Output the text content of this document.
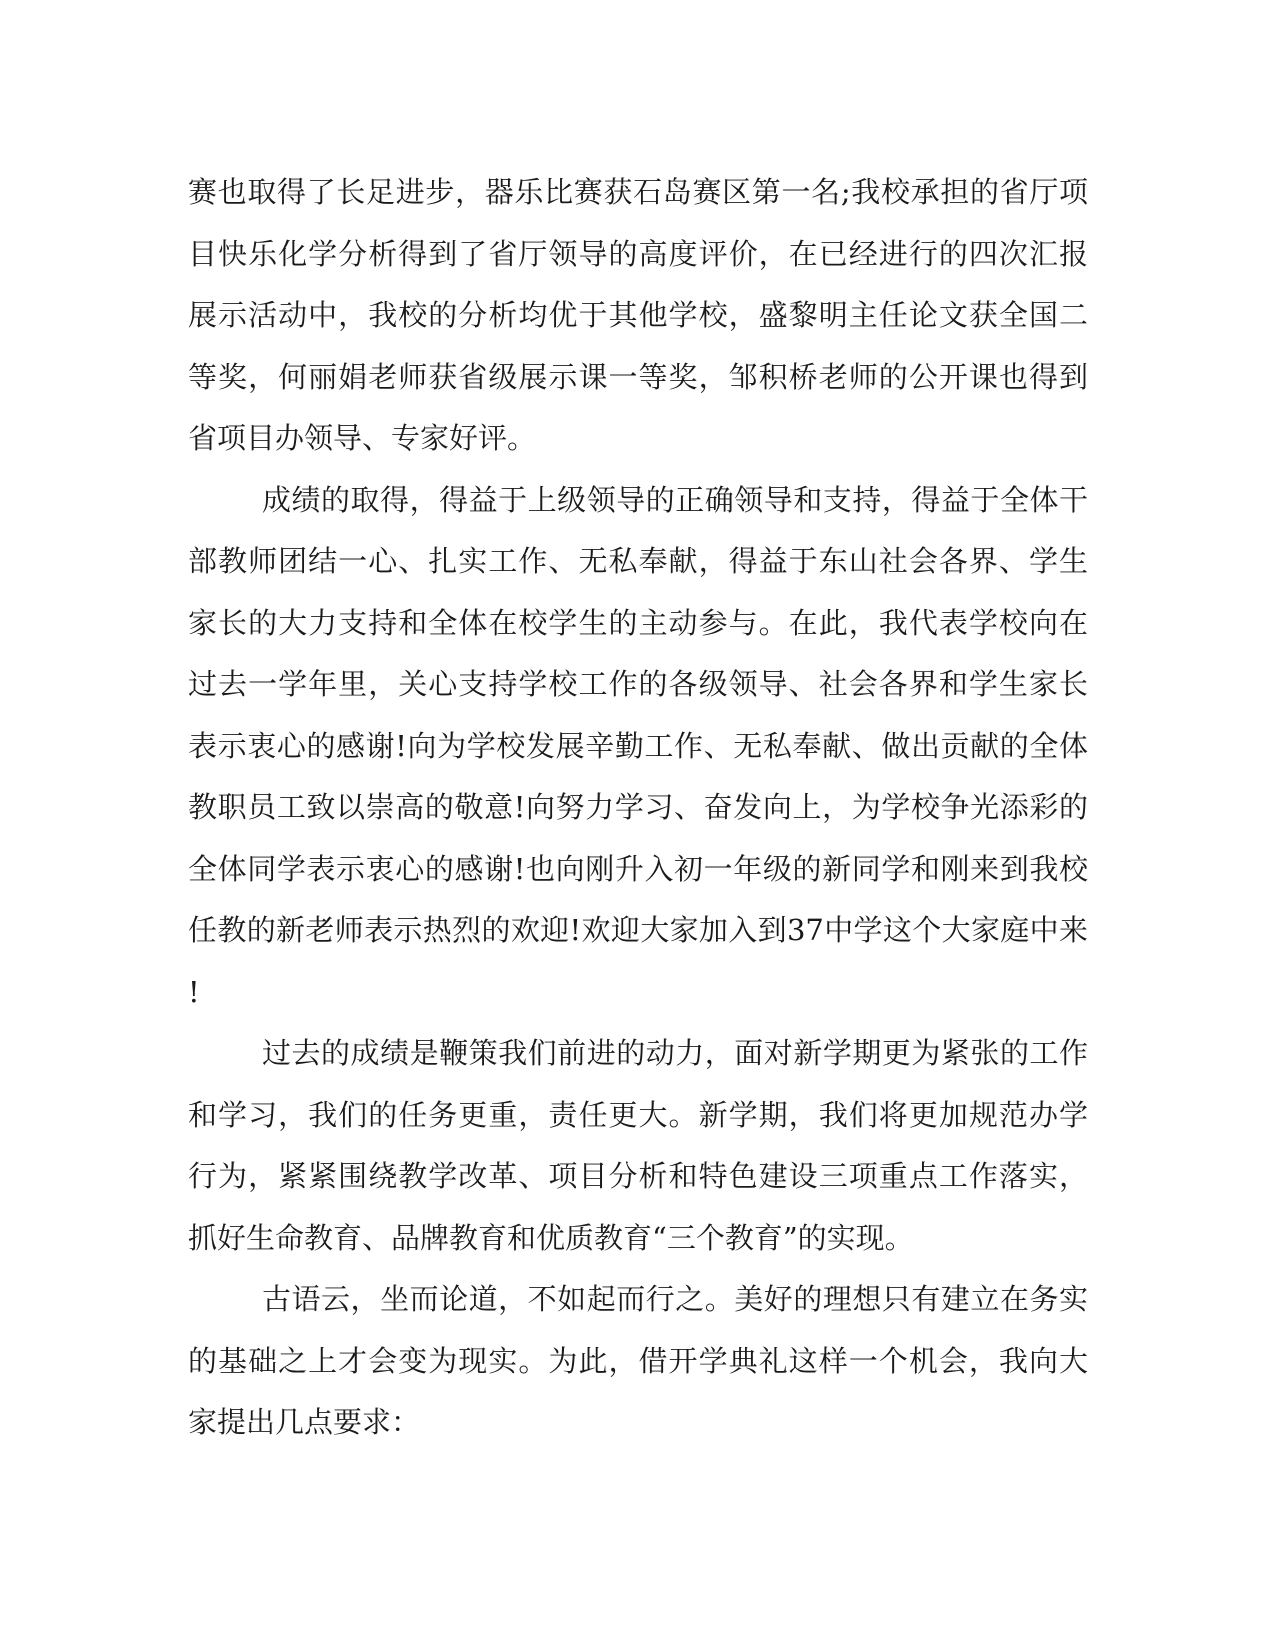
赛也取得了长足进步，器乐比赛获石岛赛区第一名;我校承担的省厅项
目快乐化学分析得到了省厅领导的高度评价，在已经进行的四次汇报
展示活动中，我校的分析均优于其他学校，盛黎明主任论文获全国二
等奖，何丽娟老师获省级展示课一等奖，邹积桥老师的公开课也得到
省项目办领导、专家好评。
成绩的取得，得益于上级领导的正确领导和支持，得益于全体干
部教师团结一心、扎实工作、无私奉献，得益于东山社会各界、学生
家长的大力支持和全体在校学生的主动参与。在此，我代表学校向在
过去一学年里，关心支持学校工作的各级领导、社会各界和学生家长
表示衷心的感谢!向为学校发展辛勤工作、无私奉献、做出贡献的全体
教职员工致以崇高的敬意!向努力学习、奋发向上，为学校争光添彩的
全体同学表示衷心的感谢!也向刚升入初一年级的新同学和刚来到我校
任教的新老师表示热烈的欢迎!欢迎大家加入到37中学这个大家庭中来
!
过去的成绩是鞭策我们前进的动力，面对新学期更为紧张的工作
和学习，我们的任务更重，责任更大。新学期，我们将更加规范办学
行为，紧紧围绕教学改革、项目分析和特色建设三项重点工作落实，
抓好生命教育、品牌教育和优质教育“三个教育”的实现。
古语云，坐而论道，不如起而行之。美好的理想只有建立在务实
的基础之上才会变为现实。为此，借开学典礼这样一个机会，我向大
家提出几点要求：
